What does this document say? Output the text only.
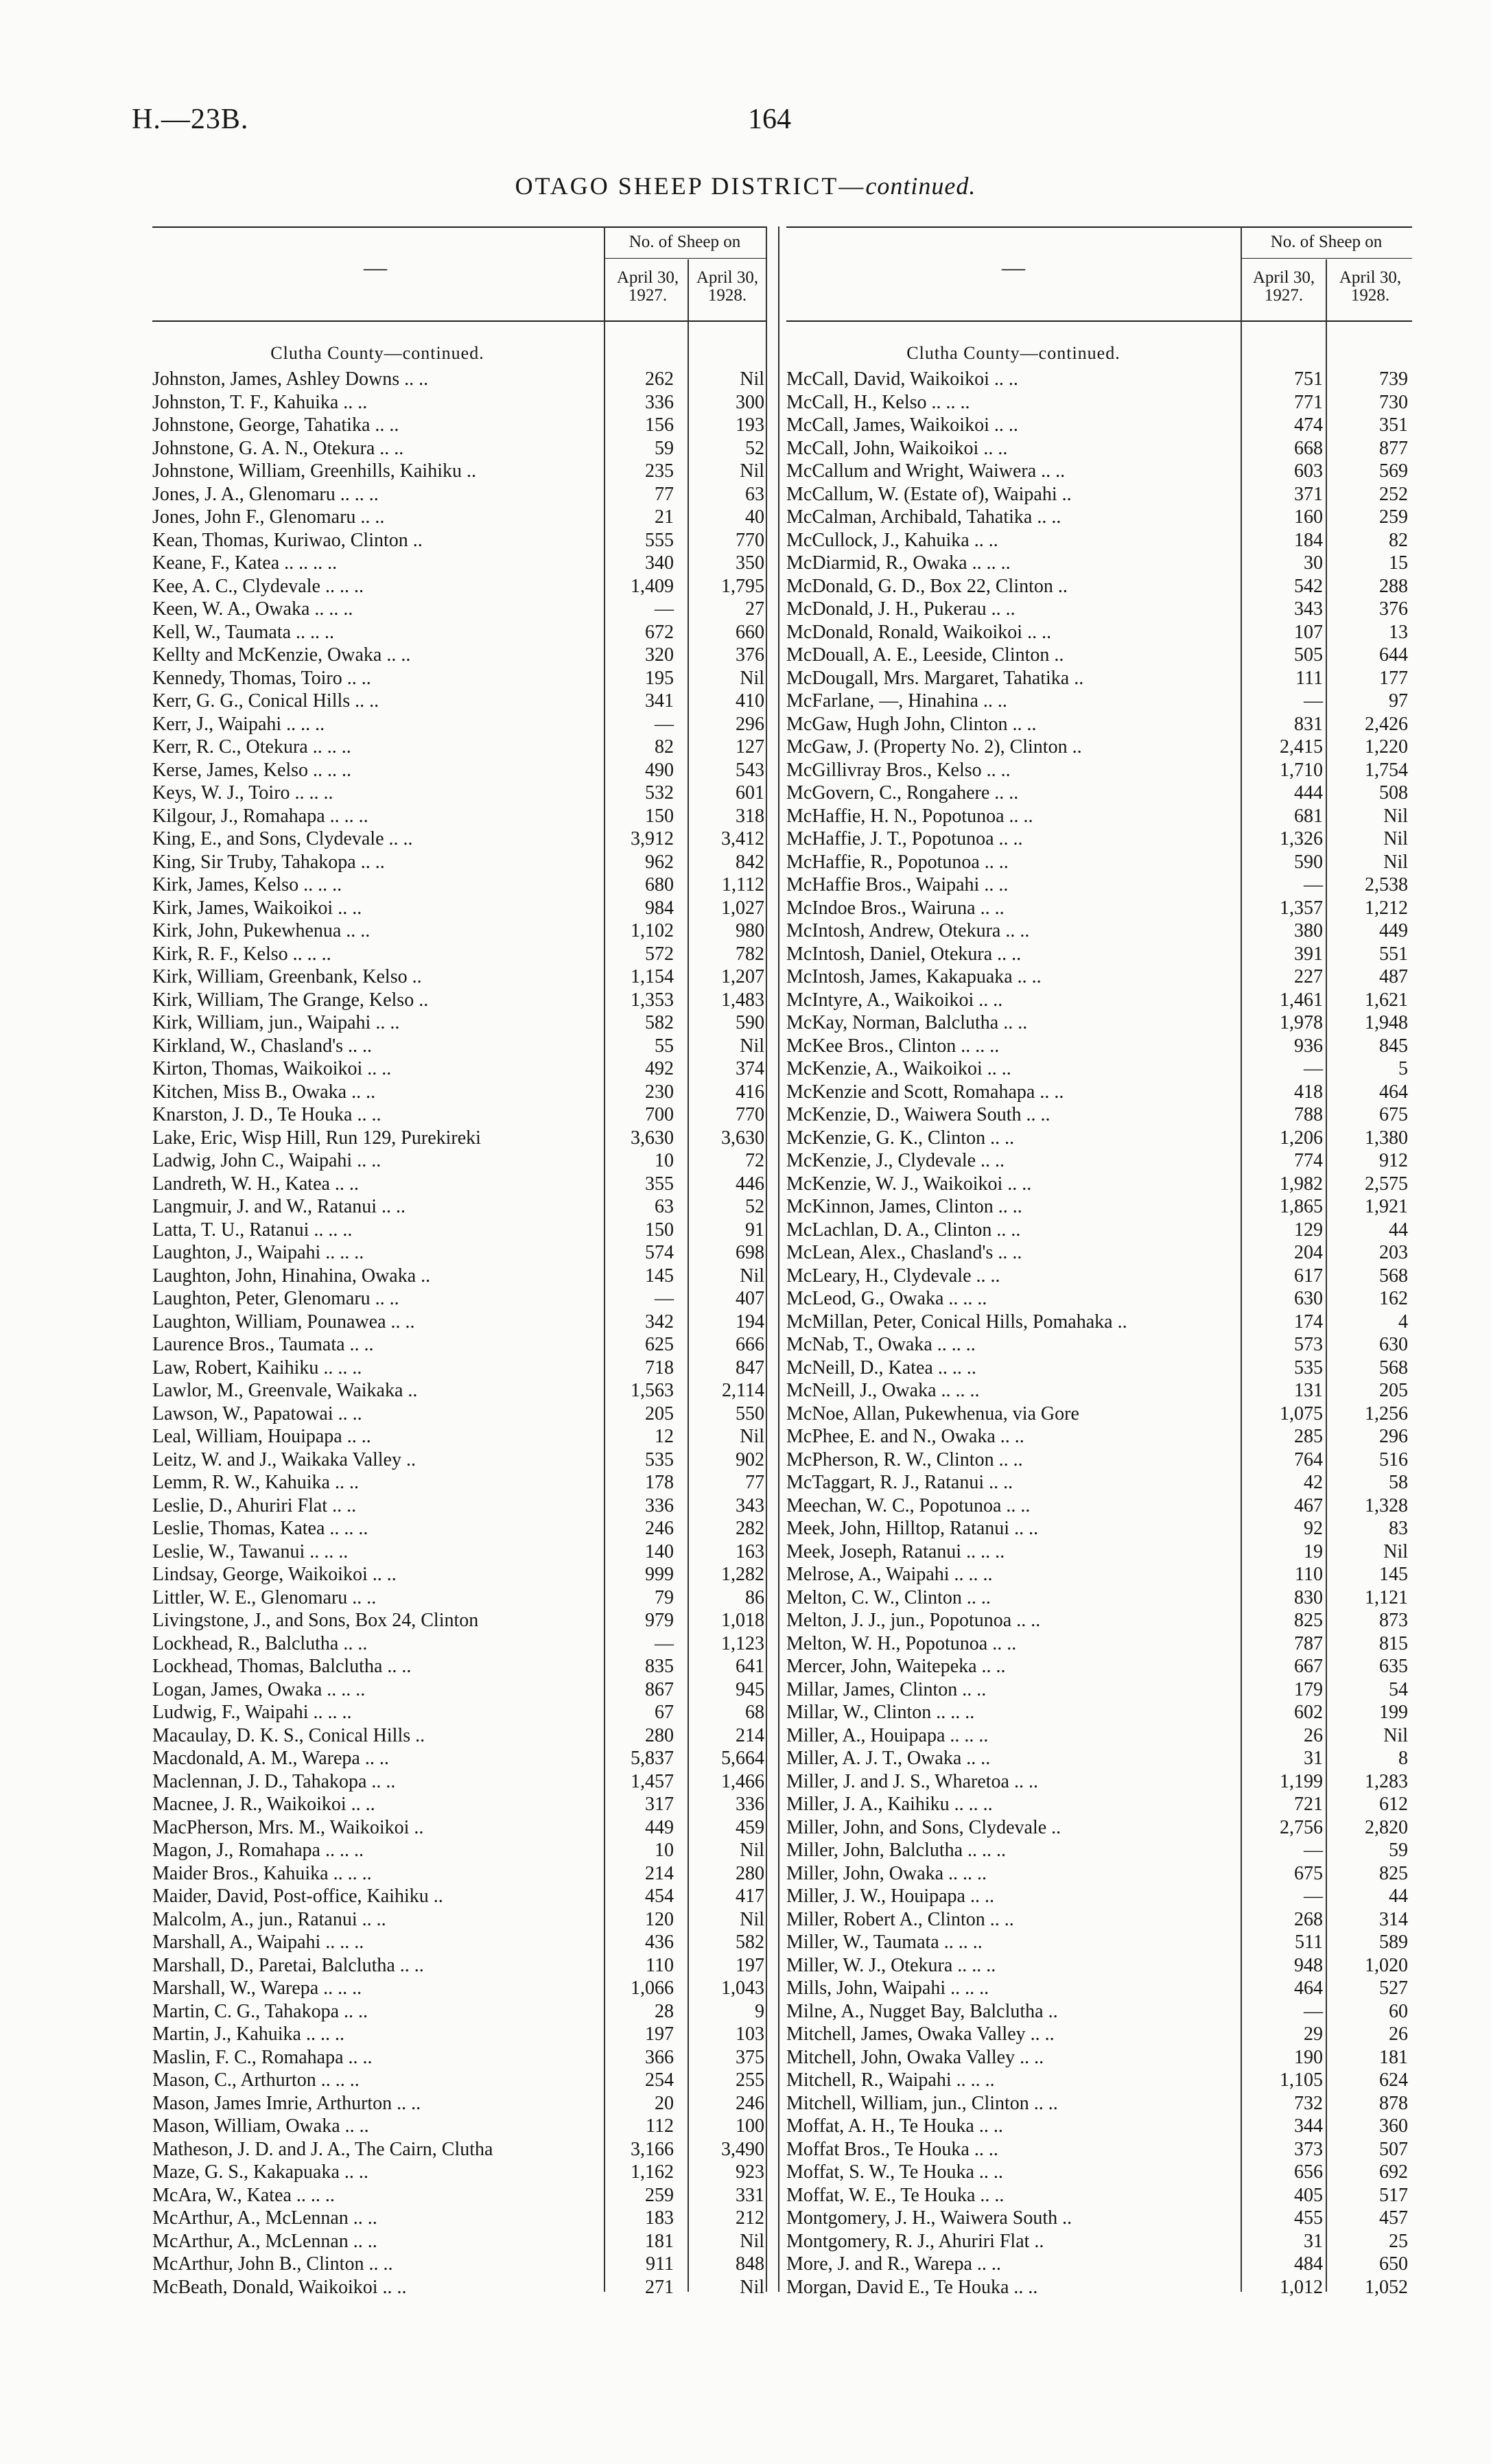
H.—23B.	164
OTAGO SHEEP DISTRICT—continued.
—
No. of Sheep on
April 30, 1927.
April 30, 1928.
—
No. of Sheep on
April 30, 1927.
April 30, 1928.
Clutha County—continued.
Johnston, James, Ashley Downs .. ..	262	Nil
Johnston, T. F., Kahuika .. ..	336	300
Johnstone, George, Tahatika .. ..	156	193
Johnstone, G. A. N., Otekura .. ..	59	52
Johnstone, William, Greenhills, Kaihiku ..	235	Nil
Jones, J. A., Glenomaru .. .. ..	77	63
Jones, John F., Glenomaru .. ..	21	40
Kean, Thomas, Kuriwao, Clinton ..	555	770
Keane, F., Katea .. .. .. ..	340	350
Kee, A. C., Clydevale .. .. ..	1,409	1,795
Keen, W. A., Owaka .. .. ..	—	27
Kell, W., Taumata .. .. ..	672	660
Kellty and McKenzie, Owaka .. ..	320	376
Kennedy, Thomas, Toiro .. ..	195	Nil
Kerr, G. G., Conical Hills .. ..	341	410
Kerr, J., Waipahi .. .. ..	—	296
Kerr, R. C., Otekura .. .. ..	82	127
Kerse, James, Kelso .. .. ..	490	543
Keys, W. J., Toiro .. .. ..	532	601
Kilgour, J., Romahapa .. .. ..	150	318
King, E., and Sons, Clydevale .. ..	3,912	3,412
King, Sir Truby, Tahakopa .. ..	962	842
Kirk, James, Kelso .. .. ..	680	1,112
Kirk, James, Waikoikoi .. ..	984	1,027
Kirk, John, Pukewhenua .. ..	1,102	980
Kirk, R. F., Kelso .. .. ..	572	782
Kirk, William, Greenbank, Kelso ..	1,154	1,207
Kirk, William, The Grange, Kelso ..	1,353	1,483
Kirk, William, jun., Waipahi .. ..	582	590
Kirkland, W., Chasland's .. ..	55	Nil
Kirton, Thomas, Waikoikoi .. ..	492	374
Kitchen, Miss B., Owaka .. ..	230	416
Knarston, J. D., Te Houka .. ..	700	770
Lake, Eric, Wisp Hill, Run 129, Purekireki	3,630	3,630
Ladwig, John C., Waipahi .. ..	10	72
Landreth, W. H., Katea .. ..	355	446
Langmuir, J. and W., Ratanui .. ..	63	52
Latta, T. U., Ratanui .. .. ..	150	91
Laughton, J., Waipahi .. .. ..	574	698
Laughton, John, Hinahina, Owaka ..	145	Nil
Laughton, Peter, Glenomaru .. ..	—	407
Laughton, William, Pounawea .. ..	342	194
Laurence Bros., Taumata .. ..	625	666
Law, Robert, Kaihiku .. .. ..	718	847
Lawlor, M., Greenvale, Waikaka ..	1,563	2,114
Lawson, W., Papatowai .. ..	205	550
Leal, William, Houipapa .. ..	12	Nil
Leitz, W. and J., Waikaka Valley ..	535	902
Lemm, R. W., Kahuika .. ..	178	77
Leslie, D., Ahuriri Flat .. ..	336	343
Leslie, Thomas, Katea .. .. ..	246	282
Leslie, W., Tawanui .. .. ..	140	163
Lindsay, George, Waikoikoi .. ..	999	1,282
Littler, W. E., Glenomaru .. ..	79	86
Livingstone, J., and Sons, Box 24, Clinton	979	1,018
Lockhead, R., Balclutha .. ..	—	1,123
Lockhead, Thomas, Balclutha .. ..	835	641
Logan, James, Owaka .. .. ..	867	945
Ludwig, F., Waipahi .. .. ..	67	68
Macaulay, D. K. S., Conical Hills ..	280	214
Macdonald, A. M., Warepa .. ..	5,837	5,664
Maclennan, J. D., Tahakopa .. ..	1,457	1,466
Macnee, J. R., Waikoikoi .. ..	317	336
MacPherson, Mrs. M., Waikoikoi ..	449	459
Magon, J., Romahapa .. .. ..	10	Nil
Maider Bros., Kahuika .. .. ..	214	280
Maider, David, Post-office, Kaihiku ..	454	417
Malcolm, A., jun., Ratanui .. ..	120	Nil
Marshall, A., Waipahi .. .. ..	436	582
Marshall, D., Paretai, Balclutha .. ..	110	197
Marshall, W., Warepa .. .. ..	1,066	1,043
Martin, C. G., Tahakopa .. ..	28	9
Martin, J., Kahuika .. .. ..	197	103
Maslin, F. C., Romahapa .. ..	366	375
Mason, C., Arthurton .. .. ..	254	255
Mason, James Imrie, Arthurton .. ..	20	246
Mason, William, Owaka .. ..	112	100
Matheson, J. D. and J. A., The Cairn, Clutha	3,166	3,490
Maze, G. S., Kakapuaka .. ..	1,162	923
McAra, W., Katea .. .. ..	259	331
McArthur, A., McLennan .. ..	183	212
McArthur, A., McLennan .. ..	181	Nil
McArthur, John B., Clinton .. ..	911	848
McBeath, Donald, Waikoikoi .. ..	271	Nil
Clutha County—continued.
McCall, David, Waikoikoi .. ..	751	739
McCall, H., Kelso .. .. ..	771	730
McCall, James, Waikoikoi .. ..	474	351
McCall, John, Waikoikoi .. ..	668	877
McCallum and Wright, Waiwera .. ..	603	569
McCallum, W. (Estate of), Waipahi ..	371	252
McCalman, Archibald, Tahatika .. ..	160	259
McCullock, J., Kahuika .. ..	184	82
McDiarmid, R., Owaka .. .. ..	30	15
McDonald, G. D., Box 22, Clinton ..	542	288
McDonald, J. H., Pukerau .. ..	343	376
McDonald, Ronald, Waikoikoi .. ..	107	13
McDouall, A. E., Leeside, Clinton ..	505	644
McDougall, Mrs. Margaret, Tahatika ..	111	177
McFarlane, —, Hinahina .. ..	—	97
McGaw, Hugh John, Clinton .. ..	831	2,426
McGaw, J. (Property No. 2), Clinton ..	2,415	1,220
McGillivray Bros., Kelso .. ..	1,710	1,754
McGovern, C., Rongahere .. ..	444	508
McHaffie, H. N., Popotunoa .. ..	681	Nil
McHaffie, J. T., Popotunoa .. ..	1,326	Nil
McHaffie, R., Popotunoa .. ..	590	Nil
McHaffie Bros., Waipahi .. ..	—	2,538
McIndoe Bros., Wairuna .. ..	1,357	1,212
McIntosh, Andrew, Otekura .. ..	380	449
McIntosh, Daniel, Otekura .. ..	391	551
McIntosh, James, Kakapuaka .. ..	227	487
McIntyre, A., Waikoikoi .. ..	1,461	1,621
McKay, Norman, Balclutha .. ..	1,978	1,948
McKee Bros., Clinton .. .. ..	936	845
McKenzie, A., Waikoikoi .. ..	—	5
McKenzie and Scott, Romahapa .. ..	418	464
McKenzie, D., Waiwera South .. ..	788	675
McKenzie, G. K., Clinton .. ..	1,206	1,380
McKenzie, J., Clydevale .. ..	774	912
McKenzie, W. J., Waikoikoi .. ..	1,982	2,575
McKinnon, James, Clinton .. ..	1,865	1,921
McLachlan, D. A., Clinton .. ..	129	44
McLean, Alex., Chasland's .. ..	204	203
McLeary, H., Clydevale .. ..	617	568
McLeod, G., Owaka .. .. ..	630	162
McMillan, Peter, Conical Hills, Pomahaka ..	174	4
McNab, T., Owaka .. .. ..	573	630
McNeill, D., Katea .. .. ..	535	568
McNeill, J., Owaka .. .. ..	131	205
McNoe, Allan, Pukewhenua, via Gore	1,075	1,256
McPhee, E. and N., Owaka .. ..	285	296
McPherson, R. W., Clinton .. ..	764	516
McTaggart, R. J., Ratanui .. ..	42	58
Meechan, W. C., Popotunoa .. ..	467	1,328
Meek, John, Hilltop, Ratanui .. ..	92	83
Meek, Joseph, Ratanui .. .. ..	19	Nil
Melrose, A., Waipahi .. .. ..	110	145
Melton, C. W., Clinton .. ..	830	1,121
Melton, J. J., jun., Popotunoa .. ..	825	873
Melton, W. H., Popotunoa .. ..	787	815
Mercer, John, Waitepeka .. ..	667	635
Millar, James, Clinton .. ..	179	54
Millar, W., Clinton .. .. ..	602	199
Miller, A., Houipapa .. .. ..	26	Nil
Miller, A. J. T., Owaka .. ..	31	8
Miller, J. and J. S., Wharetoa .. ..	1,199	1,283
Miller, J. A., Kaihiku .. .. ..	721	612
Miller, John, and Sons, Clydevale ..	2,756	2,820
Miller, John, Balclutha .. .. ..	—	59
Miller, John, Owaka .. .. ..	675	825
Miller, J. W., Houipapa .. ..	—	44
Miller, Robert A., Clinton .. ..	268	314
Miller, W., Taumata .. .. ..	511	589
Miller, W. J., Otekura .. .. ..	948	1,020
Mills, John, Waipahi .. .. ..	464	527
Milne, A., Nugget Bay, Balclutha ..	—	60
Mitchell, James, Owaka Valley .. ..	29	26
Mitchell, John, Owaka Valley .. ..	190	181
Mitchell, R., Waipahi .. .. ..	1,105	624
Mitchell, William, jun., Clinton .. ..	732	878
Moffat, A. H., Te Houka .. ..	344	360
Moffat Bros., Te Houka .. ..	373	507
Moffat, S. W., Te Houka .. ..	656	692
Moffat, W. E., Te Houka .. ..	405	517
Montgomery, J. H., Waiwera South ..	455	457
Montgomery, R. J., Ahuriri Flat ..	31	25
More, J. and R., Warepa .. ..	484	650
Morgan, David E., Te Houka .. ..	1,012	1,052
